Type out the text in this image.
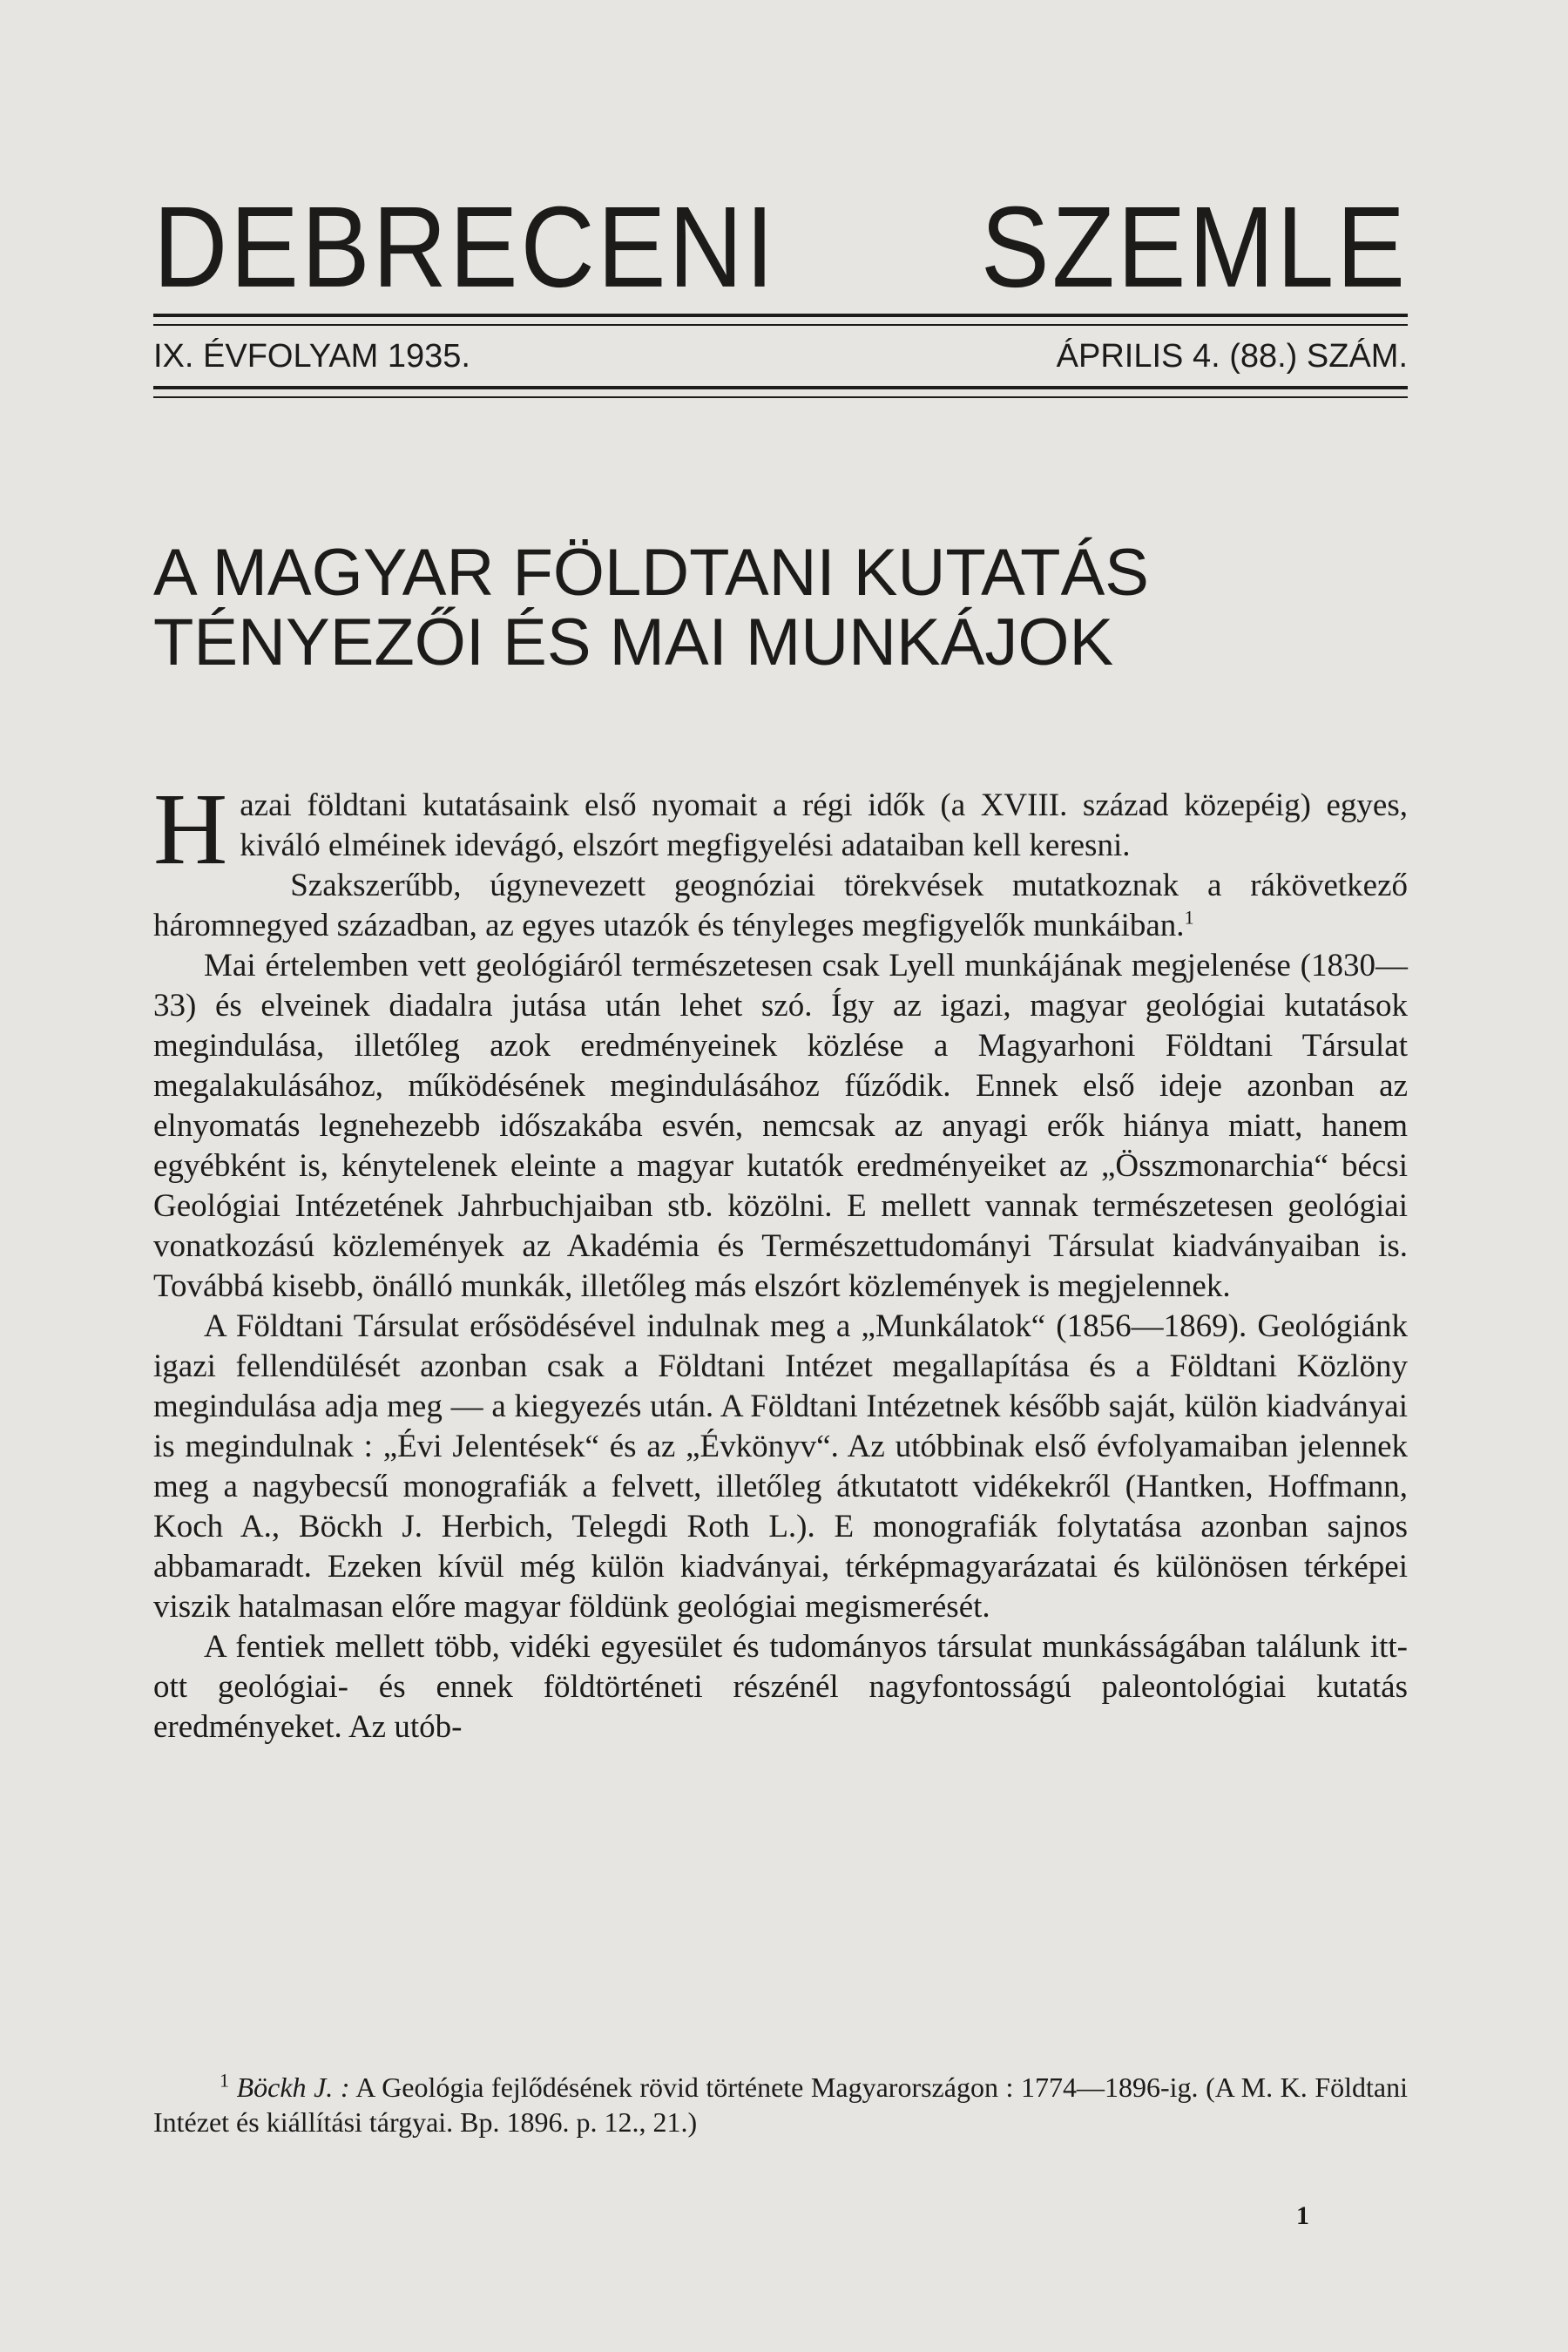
DEBRECENI SZEMLE
IX. ÉVFOLYAM 1935.	ÁPRILIS 4. (88.) SZÁM.
A MAGYAR FÖLDTANI KUTATÁS
TÉNYEZŐI ÉS MAI MUNKÁJOK

Hazai földtani kutatásaink első nyomait a régi idők (a XVIII. század közepéig) egyes, kiváló elméinek idevágó, elszórt megfigyelési adataiban kell keresni.

Szakszerűbb, úgynevezett geognóziai törekvések mutatkoznak a rákövetkező háromnegyed században, az egyes utazók és tényleges megfigyelők munkáiban.$^1$

Mai értelemben vett geológiáról természetesen csak Lyell munkájának megjelenése (1830—33) és elveinek diadalra jutása után lehet szó. Így az igazi, magyar geológiai kutatások megindulása, illetőleg azok eredményeinek közlése a Magyarhoni Földtani Társulat megalakulásához, működésének megindulásához fűződik. Ennek első ideje azonban az elnyomatás legnehezebb időszakába esvén, nemcsak az anyagi erők hiánya miatt, hanem egyébként is, kénytelenek eleinte a magyar kutatók eredményeiket az „Összmonarchia“ bécsi Geológiai Intézetének Jahrbuchjaiban stb. közölni. E mellett vannak természetesen geológiai vonatkozású közlemények az Akadémia és Természettudományi Társulat kiadványaiban is. Továbbá kisebb, önálló munkák, illetőleg más elszórt közlemények is megjelennek.

A Földtani Társulat erősödésével indulnak meg a „Munkálatok“ (1856—1869). Geológiánk igazi fellendülését azonban csak a Földtani Intézet megallapítása és a Földtani Közlöny megindulása adja meg — a kiegyezés után. A Földtani Intézetnek később saját, külön kiadványai is megindulnak : „Évi Jelentések“ és az „Évkönyv“. Az utóbbinak első évfolyamaiban jelennek meg a nagybecsű monografiák a felvett, illetőleg átkutatott vidékekről (Hantken, Hoffmann, Koch A., Böckh J. Herbich, Telegdi Roth L.). E monografiák folytatása azonban sajnos abbamaradt. Ezeken kívül még külön kiadványai, térképmagyarázatai és különösen térképei viszik hatalmasan előre magyar földünk geológiai megismerését.

A fentiek mellett több, vidéki egyesület és tudományos társulat munkásságában találunk itt-ott geológiai- és ennek földtörténeti részénél nagyfontosságú paleontológiai kutatás eredményeket. Az utób-

$^1$ Böckh J. : A Geológia fejlődésének rövid története Magyarországon : 1774—1896-ig. (A M. K. Földtani Intézet és kiállítási tárgyai. Bp. 1896. p. 12., 21.)

1
